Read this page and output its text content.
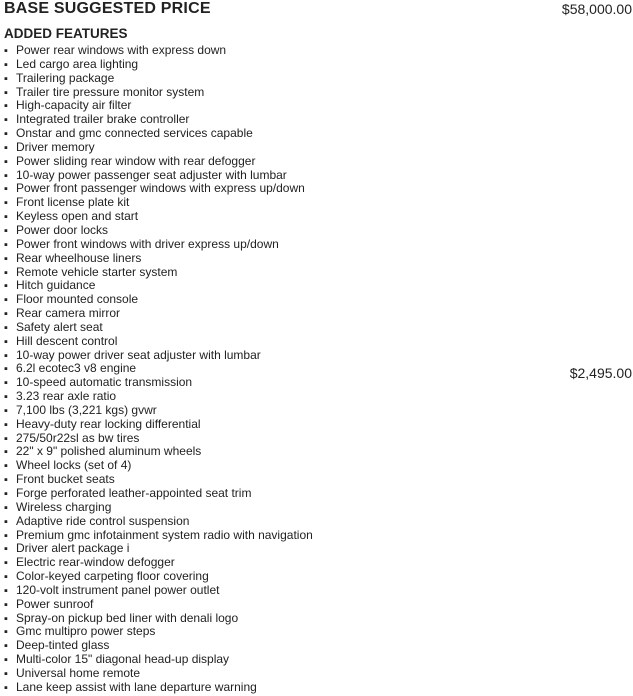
BASE SUGGESTED PRICE	$58,000.00
ADDED FEATURES
▪ Power rear windows with express down
▪ Led cargo area lighting
▪ Trailering package
▪ Trailer tire pressure monitor system
▪ High-capacity air filter
▪ Integrated trailer brake controller
▪ Onstar and gmc connected services capable
▪ Driver memory
▪ Power sliding rear window with rear defogger
▪ 10-way power passenger seat adjuster with lumbar
▪ Power front passenger windows with express up/down
▪ Front license plate kit
▪ Keyless open and start
▪ Power door locks
▪ Power front windows with driver express up/down
▪ Rear wheelhouse liners
▪ Remote vehicle starter system
▪ Hitch guidance
▪ Floor mounted console
▪ Rear camera mirror
▪ Safety alert seat
▪ Hill descent control
▪ 10-way power driver seat adjuster with lumbar
▪ 6.2l ecotec3 v8 engine
▪ 10-speed automatic transmission
▪ 3.23 rear axle ratio
▪ 7,100 lbs (3,221 kgs) gvwr
▪ Heavy-duty rear locking differential
▪ 275/50r22sl as bw tires
▪ 22" x 9" polished aluminum wheels
▪ Wheel locks (set of 4)
▪ Front bucket seats
▪ Forge perforated leather-appointed seat trim
▪ Wireless charging
▪ Adaptive ride control suspension
▪ Premium gmc infotainment system radio with navigation
▪ Driver alert package i
▪ Electric rear-window defogger
▪ Color-keyed carpeting floor covering
▪ 120-volt instrument panel power outlet
▪ Power sunroof
▪ Spray-on pickup bed liner with denali logo
▪ Gmc multipro power steps
▪ Deep-tinted glass
▪ Multi-color 15" diagonal head-up display
▪ Universal home remote
▪ Lane keep assist with lane departure warning
$2,495.00
